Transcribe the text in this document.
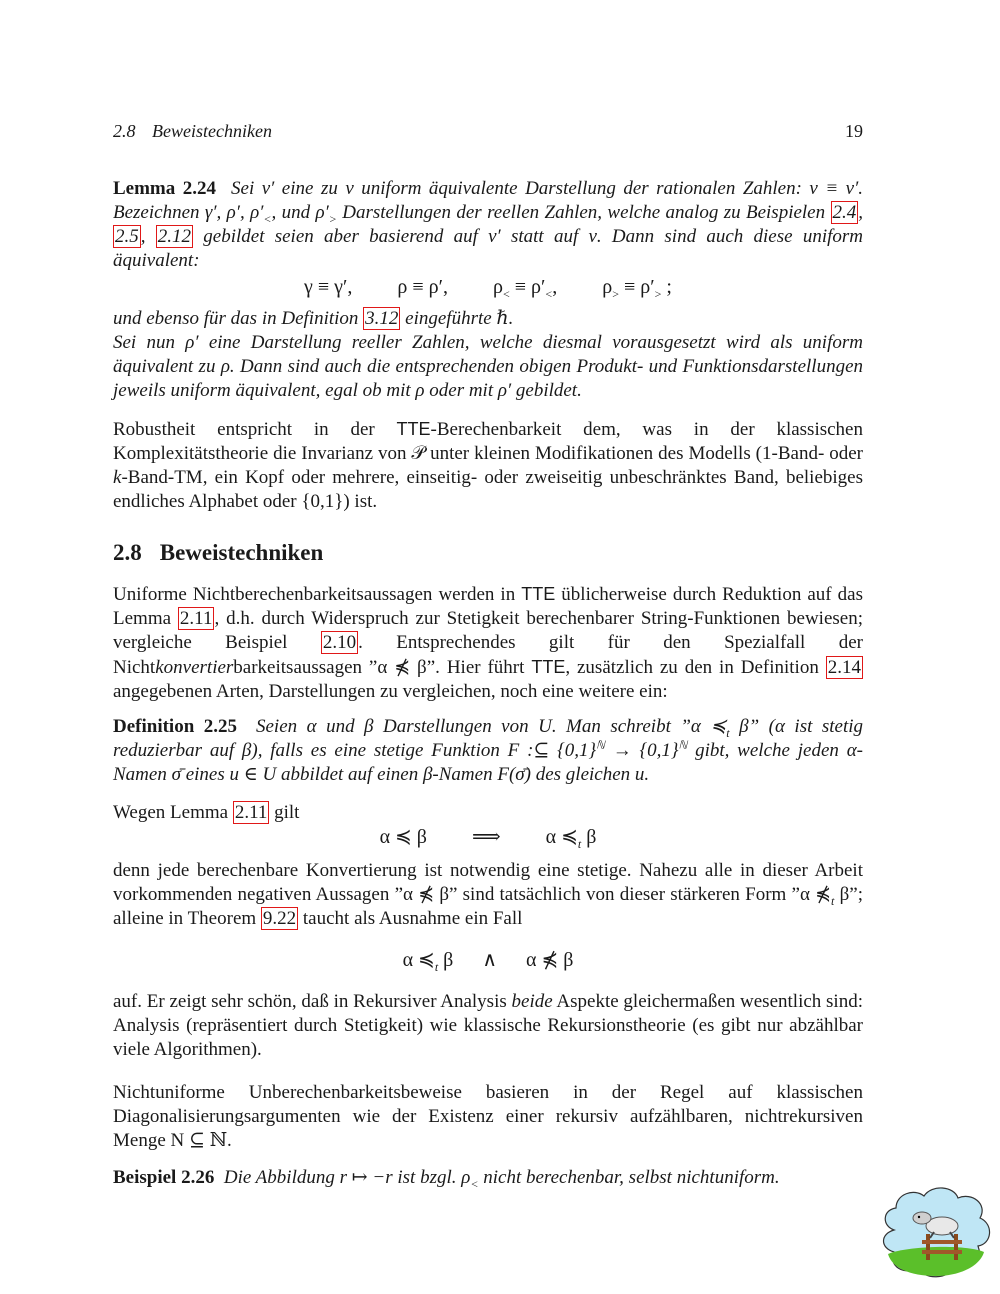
2.8 Beweistechniken	19

Lemma 2.24 Sei ν′ eine zu ν uniform äquivalente Darstellung der rationalen Zahlen: ν ≡ ν′. Bezeichnen γ′, ρ′, $\rho'_<$, und $\rho'_>$ Darstellungen der reellen Zahlen, welche analog zu Beispielen 2.4 , 2.5 , 2.12 gebildet seien aber basierend auf ν′ statt auf ν. Dann sind auch diese uniform äquivalent:

γ ≡ γ′, ρ ≡ ρ′, $\rho_< \equiv \rho'_<$, $\rho_> \equiv \rho'_>$ ;

und ebenso für das in Definition 3.12 eingeführte ℏ.
Sei nun ρ′ eine Darstellung reeller Zahlen, welche diesmal vorausgesetzt wird als uniform äquivalent zu ρ. Dann sind auch die entsprechenden obigen Produkt- und Funktionsdarstellungen jeweils uniform äquivalent, egal ob mit ρ oder mit ρ′ gebildet.

Robustheit entspricht in der TTE-Berechenbarkeit dem, was in der klassischen Komplexitätstheorie die Invarianz von 𝒫 unter kleinen Modifikationen des Modells (1-Band- oder k-Band-TM, ein Kopf oder mehrere, einseitig- oder zweiseitig unbeschränktes Band, beliebiges endliches Alphabet oder {0,1}) ist.

2.8 Beweistechniken

Uniforme Nichtberechenbarkeitsaussagen werden in TTE üblicherweise durch Reduktion auf das Lemma 2.11 , d.h. durch Widerspruch zur Stetigkeit berechenbarer String-Funktionen bewiesen; vergleiche Beispiel 2.10 . Entsprechendes gilt für den Spezialfall der Nichtkonvertierbarkeitsaussagen ”α ⋠ β”. Hier führt TTE, zusätzlich zu den in Definition 2.14 angegebenen Arten, Darstellungen zu vergleichen, noch eine weitere ein:

Definition 2.25 Seien α und β Darstellungen von U. Man schreibt ”α $≼_t$ β” (α ist stetig reduzierbar auf β), falls es eine stetige Funktion F :⊆ $\{0,1\}^ℕ \to \{0,1\}^ℕ$ gibt, welche jeden α-Namen σ̄ eines u ∈ U abbildet auf einen β-Namen F(σ̄) des gleichen u.

Wegen Lemma 2.11 gilt

α ≼ β ⟹ α $≼_t$ β

denn jede berechenbare Konvertierung ist notwendig eine stetige. Nahezu alle in dieser Arbeit vorkommenden negativen Aussagen ”α ⋠ β” sind tatsächlich von dieser stärkeren Form ”α $⋠_t$ β”; alleine in Theorem 9.22 taucht als Ausnahme ein Fall

α $≼_t$ β ∧ α ⋠ β

auf. Er zeigt sehr schön, daß in Rekursiver Analysis beide Aspekte gleichermaßen wesentlich sind: Analysis (repräsentiert durch Stetigkeit) wie klassische Rekursionstheorie (es gibt nur abzählbar viele Algorithmen).

Nichtuniforme Unberechenbarkeitsbeweise basieren in der Regel auf klassischen Diagonalisierungsargumenten wie der Existenz einer rekursiv aufzählbaren, nichtrekursiven Menge N ⊆ ℕ.

Beispiel 2.26 Die Abbildung r ↦ −r ist bzgl. $\rho_<$ nicht berechenbar, selbst nichtuniform.
